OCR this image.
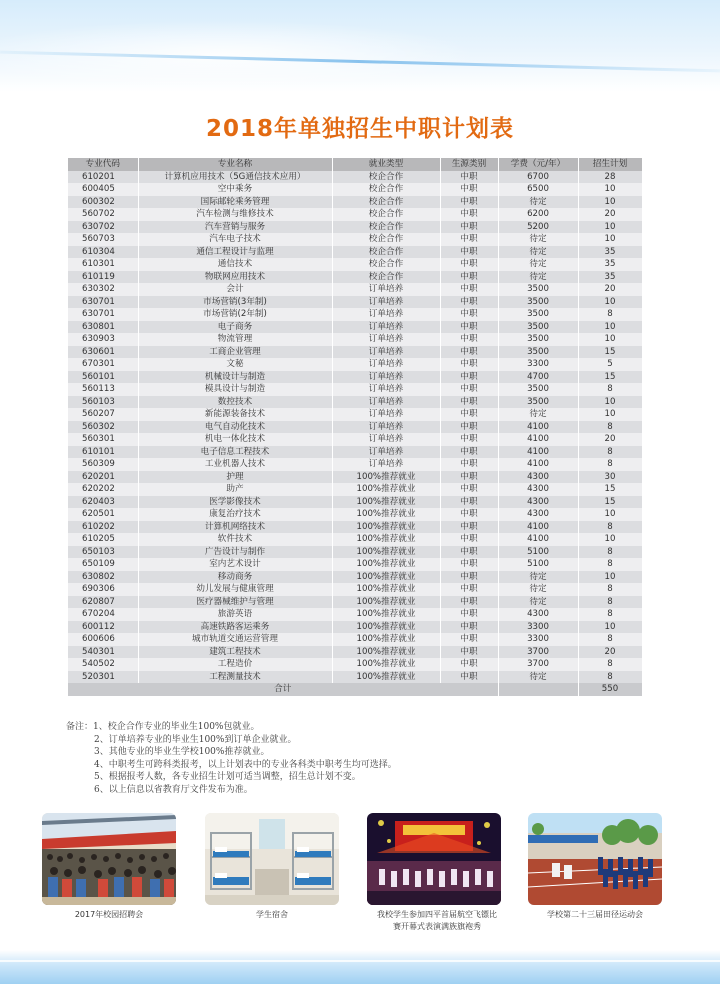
2018年单独招生中职计划表
专业代码	专业名称	就业类型	生源类别	学费（元/年）	招生计划
610201	计算机应用技术（5G通信技术应用）	校企合作	中职	6700	28
600405	空中乘务	校企合作	中职	6500	10
600302	国际邮轮乘务管理	校企合作	中职	待定	10
560702	汽车检测与维修技术	校企合作	中职	6200	20
630702	汽车营销与服务	校企合作	中职	5200	10
560703	汽车电子技术	校企合作	中职	待定	10
610304	通信工程设计与监理	校企合作	中职	待定	35
610301	通信技术	校企合作	中职	待定	35
610119	物联网应用技术	校企合作	中职	待定	35
630302	会计	订单培养	中职	3500	20
630701	市场营销(3年制)	订单培养	中职	3500	10
630701	市场营销(2年制)	订单培养	中职	3500	8
630801	电子商务	订单培养	中职	3500	10
630903	物流管理	订单培养	中职	3500	10
630601	工商企业管理	订单培养	中职	3500	15
670301	文秘	订单培养	中职	3300	5
560101	机械设计与制造	订单培养	中职	4700	15
560113	模具设计与制造	订单培养	中职	3500	8
560103	数控技术	订单培养	中职	3500	10
560207	新能源装备技术	订单培养	中职	待定	10
560302	电气自动化技术	订单培养	中职	4100	8
560301	机电一体化技术	订单培养	中职	4100	20
610101	电子信息工程技术	订单培养	中职	4100	8
560309	工业机器人技术	订单培养	中职	4100	8
620201	护理	100%推荐就业	中职	4300	30
620202	助产	100%推荐就业	中职	4300	15
620403	医学影像技术	100%推荐就业	中职	4300	15
620501	康复治疗技术	100%推荐就业	中职	4300	10
610202	计算机网络技术	100%推荐就业	中职	4100	8
610205	软件技术	100%推荐就业	中职	4100	10
650103	广告设计与制作	100%推荐就业	中职	5100	8
650109	室内艺术设计	100%推荐就业	中职	5100	8
630802	移动商务	100%推荐就业	中职	待定	10
690306	幼儿发展与健康管理	100%推荐就业	中职	待定	8
620807	医疗器械维护与管理	100%推荐就业	中职	待定	8
670204	旅游英语	100%推荐就业	中职	4300	8
600112	高速铁路客运乘务	100%推荐就业	中职	3300	10
600606	城市轨道交通运营管理	100%推荐就业	中职	3300	8
540301	建筑工程技术	100%推荐就业	中职	3700	20
540502	工程造价	100%推荐就业	中职	3700	8
520301	工程测量技术	100%推荐就业	中职	待定	8
合计					550
备注：1、校企合作专业的毕业生100%包就业。
2、订单培养专业的毕业生100%到订单企业就业。
3、其他专业的毕业生学校100%推荐就业。
4、中职考生可跨科类报考，以上计划表中的专业各科类中职考生均可选择。
5、根据报考人数，各专业招生计划可适当调整，招生总计划不变。
6、以上信息以省教育厅文件发布为准。
2017年校园招聘会	学生宿舍	我校学生参加四平首届航空飞镖比
赛开幕式表演满族旗袍秀
学校第二十三届田径运动会
